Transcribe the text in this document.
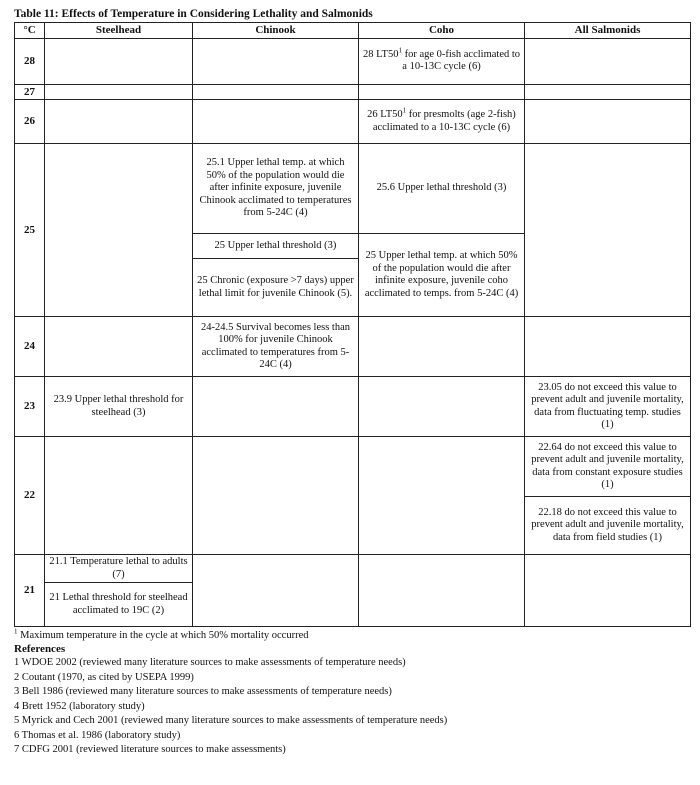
Table 11: Effects of Temperature in Considering Lethality and Salmonids
°C	Steelhead	Chinook	Coho	All Salmonids
28			28 $LT50^1$ for age 0-fish acclimated to a 10-13C cycle (6)	
27				
26			26 $LT50^1$ for presmolts (age 2-fish) acclimated to a 10-13C cycle (6)	
25		25.1 Upper lethal temp. at which 50% of the population would die after infinite exposure, juvenile Chinook acclimated to temperatures from 5-24C (4)	25.6 Upper lethal threshold (3)	
		25 Upper lethal threshold (3)	25 Upper lethal temp. at which 50% of the population would die after infinite exposure, juvenile coho acclimated to temps. from 5-24C (4)	
		25 Chronic (exposure >7 days) upper lethal limit for juvenile Chinook (5).		
24		24-24.5 Survival becomes less than 100% for juvenile Chinook acclimated to temperatures from 5-24C (4)		
23	23.9 Upper lethal threshold for steelhead (3)			23.05 do not exceed this value to prevent adult and juvenile mortality, data from fluctuating temp. studies (1)
22				22.64 do not exceed this value to prevent adult and juvenile mortality, data from constant exposure studies (1)
				22.18 do not exceed this value to prevent adult and juvenile mortality, data from field studies (1)
21	21.1 Temperature lethal to adults (7)			
	21 Lethal threshold for steelhead acclimated to 19C (2)			
$^1$ Maximum temperature in the cycle at which 50% mortality occurred
References
1 WDOE 2002 (reviewed many literature sources to make assessments of temperature needs)
2 Coutant (1970, as cited by USEPA 1999)
3 Bell 1986 (reviewed many literature sources to make assessments of temperature needs)
4 Brett 1952 (laboratory study)
5 Myrick and Cech 2001 (reviewed many literature sources to make assessments of temperature needs)
6 Thomas et al. 1986 (laboratory study)
7 CDFG 2001 (reviewed literature sources to make assessments)
